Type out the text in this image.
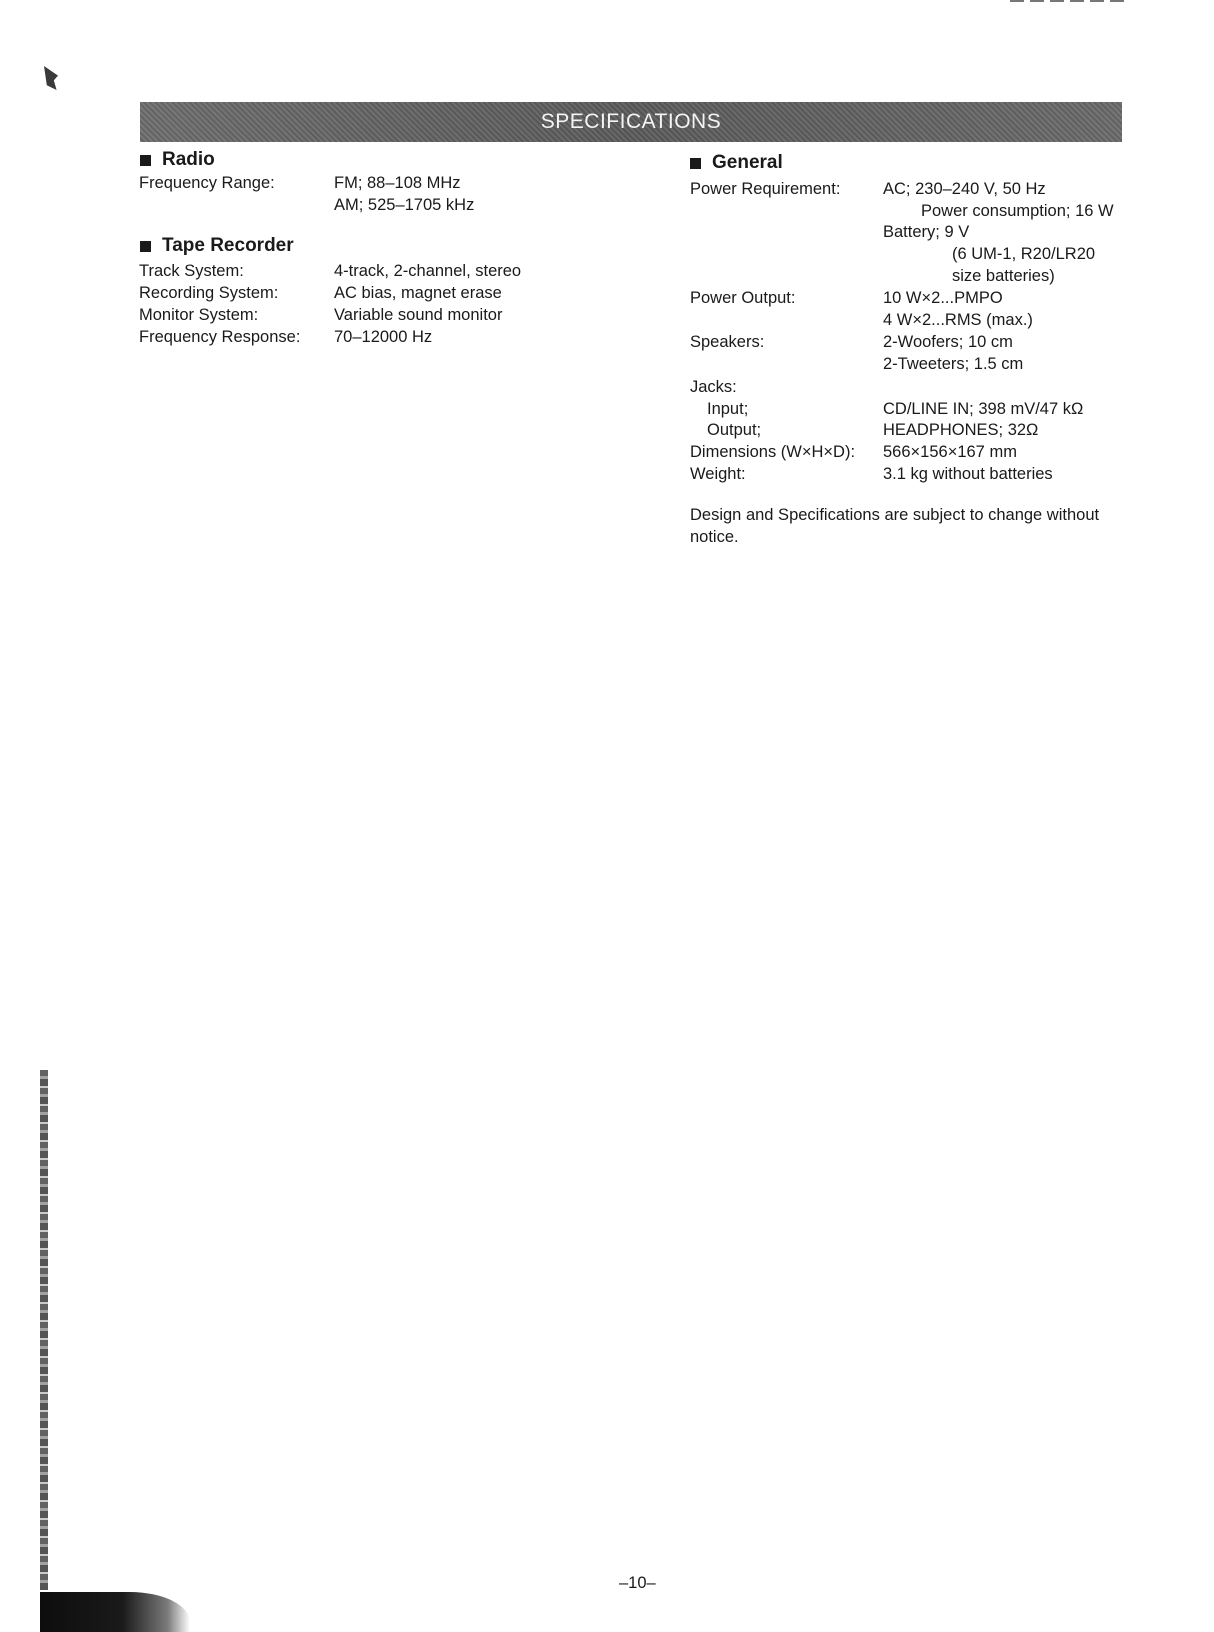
SPECIFICATIONS
Radio
Frequency Range:	FM; 88–108 MHz
AM; 525–1705 kHz
Tape Recorder
Track System:	4-track, 2-channel, stereo
Recording System:	AC bias, magnet erase
Monitor System:	Variable sound monitor
Frequency Response: 70–12000 Hz
General
Power Requirement:	AC; 230–240 V, 50 Hz
Power consumption; 16 W
Battery; 9 V
(6 UM-1, R20/LR20
size batteries)
Power Output:	10 W×2...PMPO
4 W×2...RMS (max.)
Speakers:	2-Woofers; 10 cm
2-Tweeters; 1.5 cm
Jacks:
Input;	CD/LINE IN; 398 mV/47 kΩ
Output;	HEADPHONES; 32Ω
Dimensions (W×H×D): 566×156×167 mm
Weight:	3.1 kg without batteries
Design and Specifications are subject to change without notice.
–10–
